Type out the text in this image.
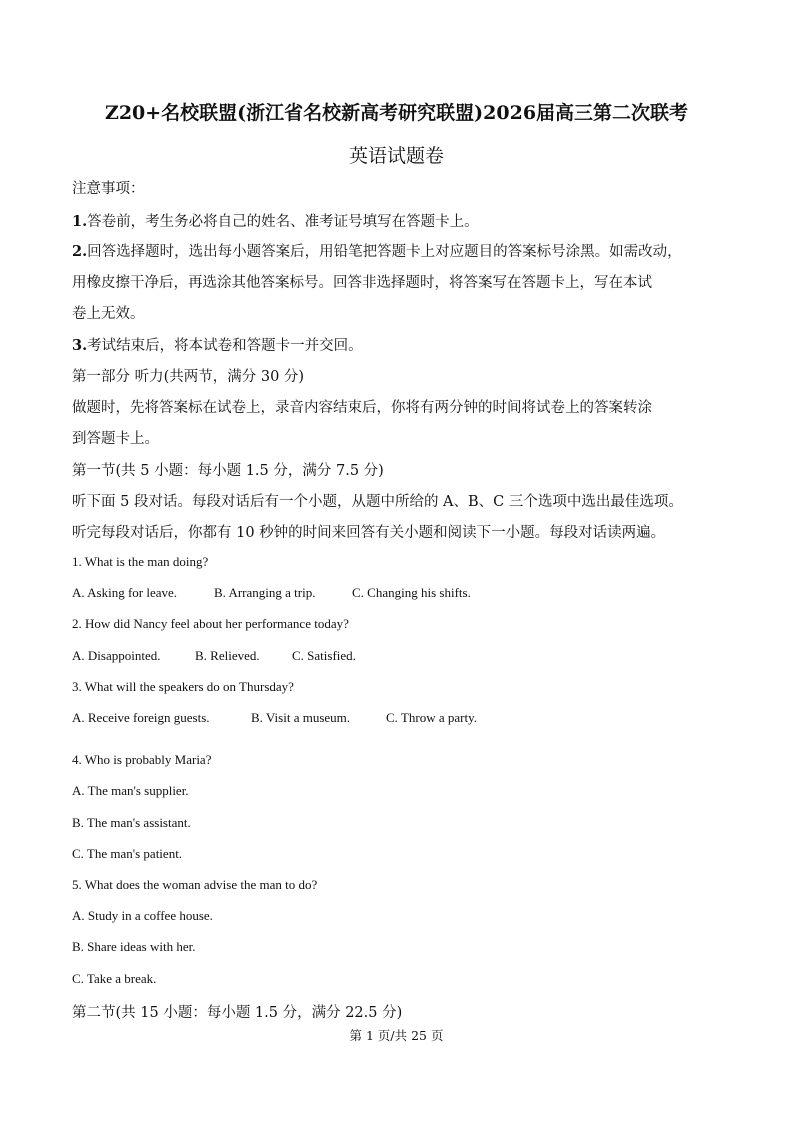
Z20+名校联盟(浙江省名校新高考研究联盟)2026届高三第二次联考
英语试题卷
注意事项：
1.答卷前，考生务必将自己的姓名、准考证号填写在答题卡上。
2.回答选择题时，选出每小题答案后，用铅笔把答题卡上对应题目的答案标号涂黑。如需改动，
用橡皮擦干净后，再选涂其他答案标号。回答非选择题时，将答案写在答题卡上，写在本试
卷上无效。
3.考试结束后，将本试卷和答题卡一并交回。
第一部分 听力(共两节，满分 30 分)
做题时，先将答案标在试卷上，录音内容结束后，你将有两分钟的时间将试卷上的答案转涂
到答题卡上。
第一节(共 5 小题：每小题 1.5 分，满分 7.5 分)
听下面 5 段对话。每段对话后有一个小题，从题中所给的 A、B、C 三个选项中选出最佳选项。
听完每段对话后，你都有 10 秒钟的时间来回答有关小题和阅读下一小题。每段对话读两遍。
1. What is the man doing?
A. Asking for leave.	B. Arranging a trip.	C. Changing his shifts.
2. How did Nancy feel about her performance today?
A. Disappointed.	B. Relieved. C. Satisfied.
3. What will the speakers do on Thursday?
A. Receive foreign guests.	B. Visit a museum.	C. Throw a party.
4. Who is probably Maria?
A. The man's supplier.
B. The man's assistant.
C. The man's patient.
5. What does the woman advise the man to do?
A. Study in a coffee house.
B. Share ideas with her.
C. Take a break.
第二节(共 15 小题：每小题 1.5 分，满分 22.5 分)
第 1 页/共 25 页
